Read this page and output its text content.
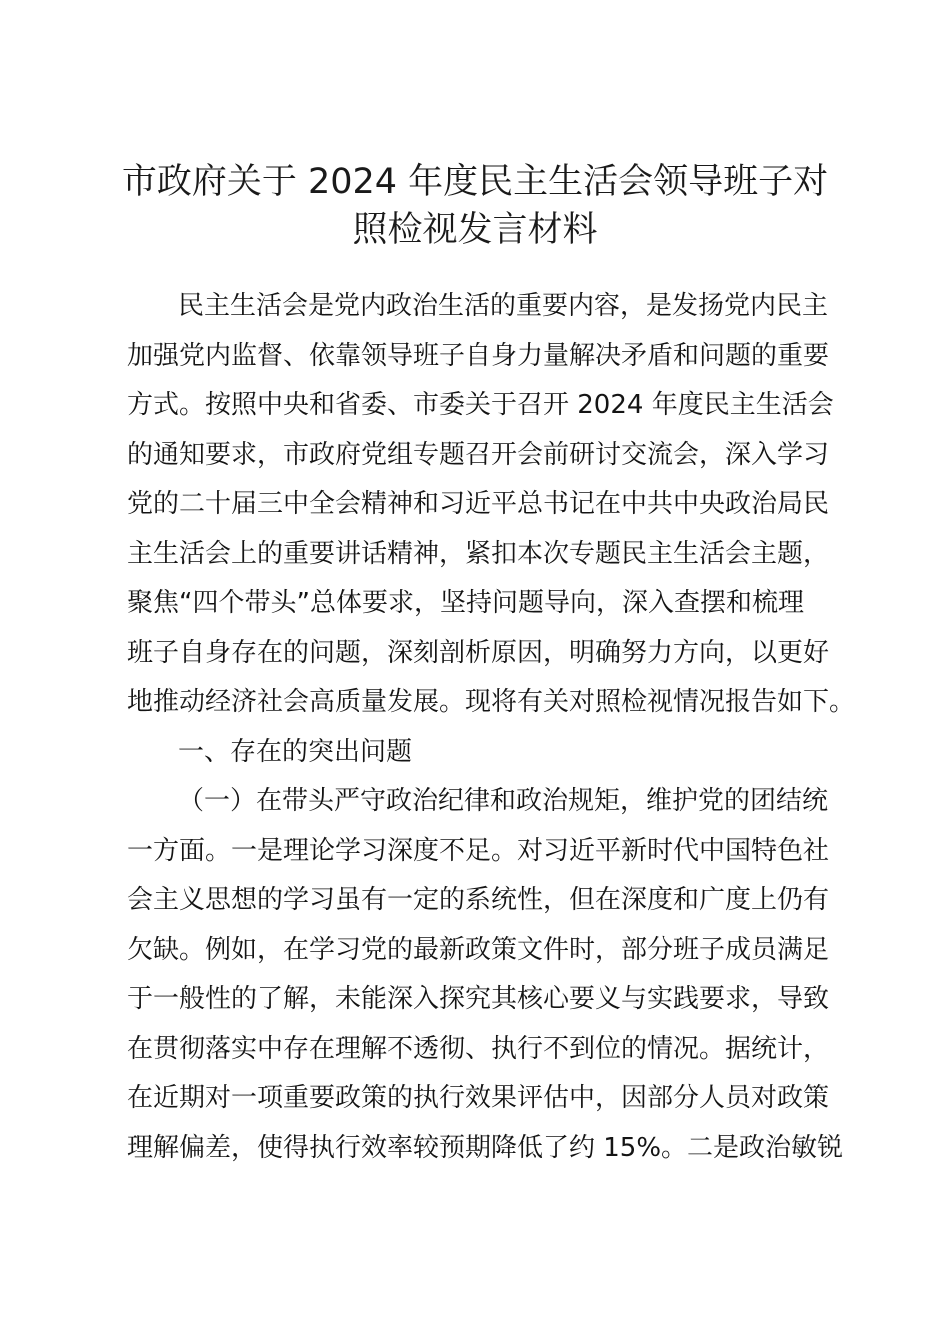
市政府关于 2024 年度民主生活会领导班子对
照检视发言材料
民主生活会是党内政治生活的重要内容，是发扬党内民主
加强党内监督、依靠领导班子自身力量解决矛盾和问题的重要
方式。按照中央和省委、市委关于召开 2024 年度民主生活会
的通知要求，市政府党组专题召开会前研讨交流会，深入学习
党的二十届三中全会精神和习近平总书记在中共中央政治局民
主生活会上的重要讲话精神，紧扣本次专题民主生活会主题，
聚焦“四个带头”总体要求，坚持问题导向，深入查摆和梳理
班子自身存在的问题，深刻剖析原因，明确努力方向，以更好
地推动经济社会高质量发展。现将有关对照检视情况报告如下。
一、存在的突出问题
（一）在带头严守政治纪律和政治规矩，维护党的团结统
一方面。一是理论学习深度不足。对习近平新时代中国特色社
会主义思想的学习虽有一定的系统性，但在深度和广度上仍有
欠缺。例如，在学习党的最新政策文件时，部分班子成员满足
于一般性的了解，未能深入探究其核心要义与实践要求，导致
在贯彻落实中存在理解不透彻、执行不到位的情况。据统计，
在近期对一项重要政策的执行效果评估中，因部分人员对政策
理解偏差，使得执行效率较预期降低了约 15%。二是政治敏锐
